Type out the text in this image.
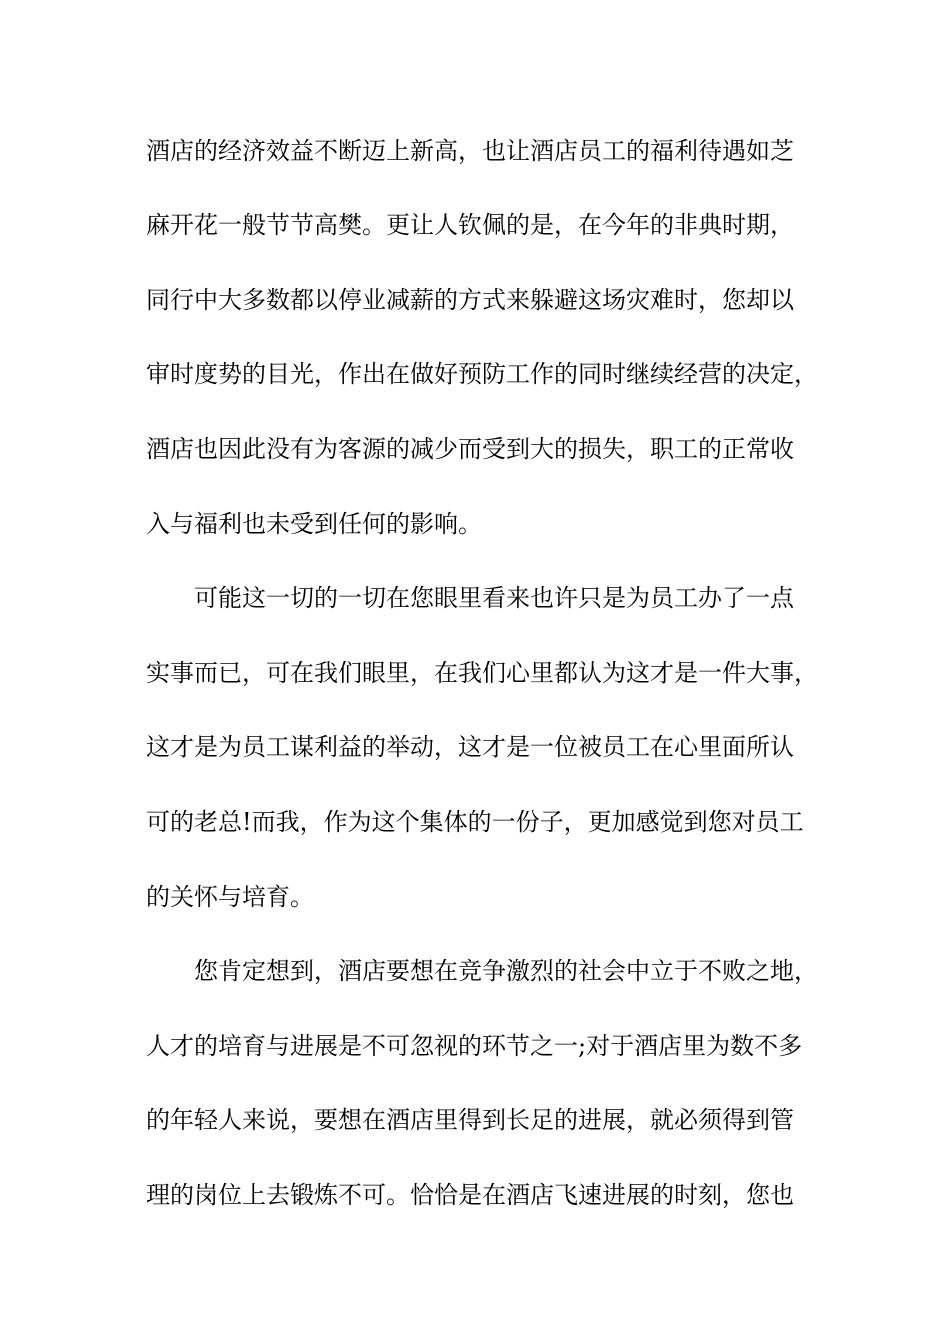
酒店的经济效益不断迈上新高，也让酒店员工的福利待遇如芝
麻开花一般节节高樊。更让人钦佩的是，在今年的非典时期，
同行中大多数都以停业减薪的方式来躲避这场灾难时，您却以
审时度势的目光，作出在做好预防工作的同时继续经营的决定，
酒店也因此没有为客源的减少而受到大的损失，职工的正常收
入与福利也未受到任何的影响。
　　可能这一切的一切在您眼里看来也许只是为员工办了一点
实事而已，可在我们眼里，在我们心里都认为这才是一件大事，
这才是为员工谋利益的举动，这才是一位被员工在心里面所认
可的老总!而我，作为这个集体的一份子，更加感觉到您对员工
的关怀与培育。
　　您肯定想到，酒店要想在竞争激烈的社会中立于不败之地，
人才的培育与进展是不可忽视的环节之一;对于酒店里为数不多
的年轻人来说，要想在酒店里得到长足的进展，就必须得到管
理的岗位上去锻炼不可。恰恰是在酒店飞速进展的时刻，您也
